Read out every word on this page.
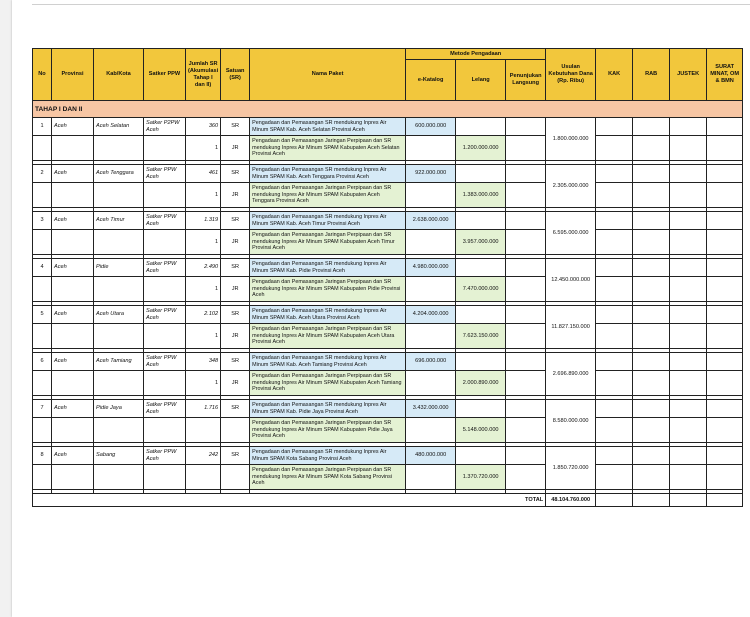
No	Provinsi	Kab/Kota	Satker PPW	Jumlah SR (Akumulasi Tahap I dan II)	Satuan (SR)	Nama Paket	Metode Pengadaan			Usulan Kebutuhan Dana (Rp. Ribu)	KAK	RAB	JUSTEK	SURAT MINAT, OM & BMN
							e-Katalog	Lelang	Penunjukan Langsung					
TAHAP I DAN II														
1	Aceh	Aceh Selatan	Satker P2PW Aceh	360	SR	Pengadaan dan Pemasangan SR mendukung Inpres Air Minum SPAM Kab. Aceh Selatan Provinsi Aceh	600.000.000			1.800.000.000				
				1	JR	Pengadaan dan Pemasangan Jaringan Perpipaan dan SR mendukung Inpres Air Minum SPAM Kabupaten Aceh Selatan Provinsi Aceh		1.200.000.000						

2	Aceh	Aceh Tenggara	Satker PPW Aceh	461	SR	Pengadaan dan Pemasangan SR mendukung Inpres Air Minum SPAM Kab. Aceh Tenggara Provinsi Aceh	922.000.000			2.305.000.000				
				1	JR	Pengadaan dan Pemasangan Jaringan Perpipaan dan SR mendukung Inpres Air Minum SPAM Kabupaten Aceh Tenggara Provinsi Aceh		1.383.000.000						

3	Aceh	Aceh Timur	Satker PPW Aceh	1.319	SR	Pengadaan dan Pemasangan SR mendukung Inpres Air Minum SPAM Kab. Aceh Timur Provinsi Aceh	2.638.000.000			6.595.000.000				
				1	JR	Pengadaan dan Pemasangan Jaringan Perpipaan dan SR mendukung Inpres Air Minum SPAM Kabupaten Aceh Timur Provinsi Aceh		3.957.000.000						

4	Aceh	Pidie	Satker PPW Aceh	2.490	SR	Pengadaan dan Pemasangan SR mendukung Inpres Air Minum SPAM Kab. Pidie Provinsi Aceh	4.980.000.000			12.450.000.000				
				1	JR	Pengadaan dan Pemasangan Jaringan Perpipaan dan SR mendukung Inpres Air Minum SPAM Kabupaten Pidie Provinsi Aceh		7.470.000.000						

5	Aceh	Aceh Utara	Satker PPW Aceh	2.102	SR	Pengadaan dan Pemasangan SR mendukung Inpres Air Minum SPAM Kab. Aceh Utara Provinsi Aceh	4.204.000.000			11.827.150.000				
				1	JR	Pengadaan dan Pemasangan Jaringan Perpipaan dan SR mendukung Inpres Air Minum SPAM Kabupaten Aceh Utara Provinsi Aceh		7.623.150.000						

6	Aceh	Aceh Tamiang	Satker PPW Aceh	348	SR	Pengadaan dan Pemasangan SR mendukung Inpres Air Minum SPAM Kab. Aceh Tamiang Provinsi Aceh	696.000.000			2.696.890.000				
				1	JR	Pengadaan dan Pemasangan Jaringan Perpipaan dan SR mendukung Inpres Air Minum SPAM Kabupaten Aceh Tamiang Provinsi Aceh		2.000.890.000						

7	Aceh	Pidie Jaya	Satker PPW Aceh	1.716	SR	Pengadaan dan Pemasangan SR mendukung Inpres Air Minum SPAM Kab. Pidie Jaya Provinsi Aceh	3.432.000.000			8.580.000.000				
						Pengadaan dan Pemasangan Jaringan Perpipaan dan SR mendukung Inpres Air Minum SPAM Kabupaten Pidie Jaya Provinsi Aceh		5.148.000.000						

8	Aceh	Sabang	Satker PPW Aceh	242	SR	Pengadaan dan Pemasangan SR mendukung Inpres Air Minum SPAM Kota Sabang Provinsi Aceh	480.000.000			1.850.720.000				
						Pengadaan dan Pemasangan Jaringan Perpipaan dan SR mendukung Inpres Air Minum SPAM Kota Sabang Provinsi Aceh		1.370.720.000						

TOTAL										48.104.760.000				
